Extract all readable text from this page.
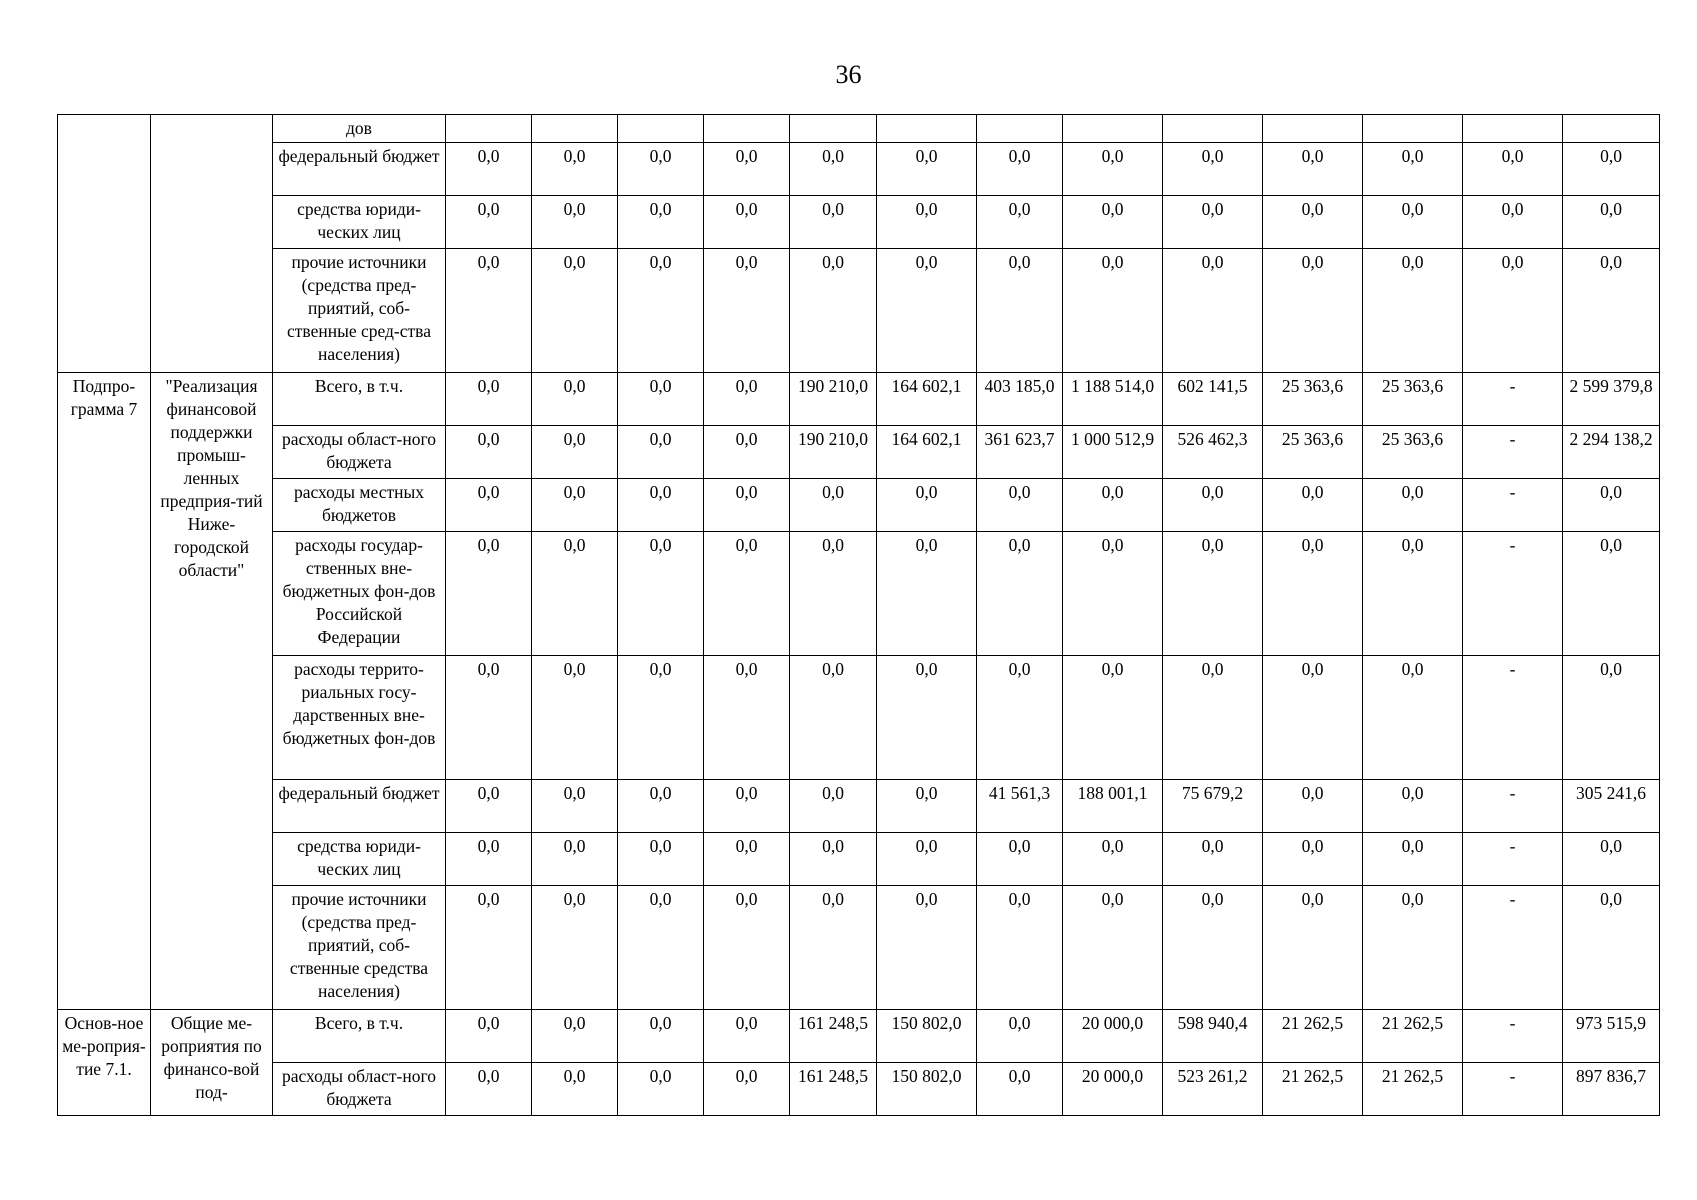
36
		дов													
		федеральный бюджет	0,0	0,0	0,0	0,0	0,0	0,0	0,0	0,0	0,0	0,0	0,0	0,0	0,0
		средства юриди-ческих лиц	0,0	0,0	0,0	0,0	0,0	0,0	0,0	0,0	0,0	0,0	0,0	0,0	0,0
		прочие источники (средства пред-приятий, соб-ственные сред-ства населения)	0,0	0,0	0,0	0,0	0,0	0,0	0,0	0,0	0,0	0,0	0,0	0,0	0,0
Подпро-грамма 7	"Реализация финансовой поддержки промыш-ленных предприя-тий Ниже-городской области"	Всего, в т.ч.	0,0	0,0	0,0	0,0	190 210,0	164 602,1	403 185,0	1 188 514,0	602 141,5	25 363,6	25 363,6	-	2 599 379,8
		расходы област-ного бюджета	0,0	0,0	0,0	0,0	190 210,0	164 602,1	361 623,7	1 000 512,9	526 462,3	25 363,6	25 363,6	-	2 294 138,2
		расходы местных бюджетов	0,0	0,0	0,0	0,0	0,0	0,0	0,0	0,0	0,0	0,0	0,0	-	0,0
		расходы государ-ственных вне-бюджетных фон-дов Российской Федерации	0,0	0,0	0,0	0,0	0,0	0,0	0,0	0,0	0,0	0,0	0,0	-	0,0
		расходы террито-риальных госу-дарственных вне-бюджетных фон-дов	0,0	0,0	0,0	0,0	0,0	0,0	0,0	0,0	0,0	0,0	0,0	-	0,0
		федеральный бюджет	0,0	0,0	0,0	0,0	0,0	0,0	41 561,3	188 001,1	75 679,2	0,0	0,0	-	305 241,6
		средства юриди-ческих лиц	0,0	0,0	0,0	0,0	0,0	0,0	0,0	0,0	0,0	0,0	0,0	-	0,0
		прочие источники (средства пред-приятий, соб-ственные средства населения)	0,0	0,0	0,0	0,0	0,0	0,0	0,0	0,0	0,0	0,0	0,0	-	0,0
Основ-ное ме-роприя-тие 7.1.	Общие ме-роприятия по финансо-вой под-	Всего, в т.ч.	0,0	0,0	0,0	0,0	161 248,5	150 802,0	0,0	20 000,0	598 940,4	21 262,5	21 262,5	-	973 515,9
		расходы област-ного бюджета	0,0	0,0	0,0	0,0	161 248,5	150 802,0	0,0	20 000,0	523 261,2	21 262,5	21 262,5	-	897 836,7
